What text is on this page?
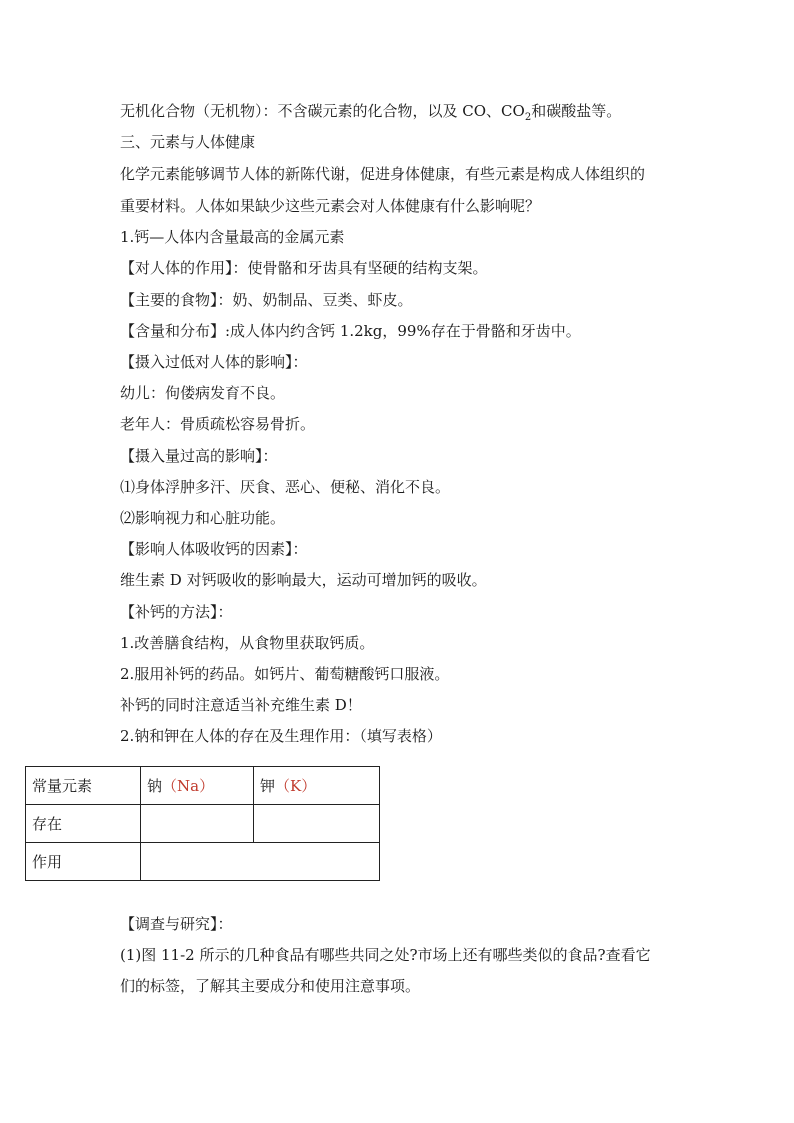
无机化合物（无机物）：不含碳元素的化合物，以及 CO、$CO_2$和碳酸盐等。
三、元素与人体健康
化学元素能够调节人体的新陈代谢，促进身体健康，有些元素是构成人体组织的
重要材料。人体如果缺少这些元素会对人体健康有什么影响呢？
1.钙—人体内含量最高的金属元素
【对人体的作用】：使骨骼和牙齿具有坚硬的结构支架。
【主要的食物】：奶、奶制品、豆类、虾皮。
【含量和分布】:成人体内约含钙 1.2kg，99%存在于骨骼和牙齿中。
【摄入过低对人体的影响】：
幼儿：佝偻病发育不良。
老年人：骨质疏松容易骨折。
【摄入量过高的影响】：
⑴身体浮肿多汗、厌食、恶心、便秘、消化不良。
⑵影响视力和心脏功能。
【影响人体吸收钙的因素】：
维生素 D 对钙吸收的影响最大，运动可增加钙的吸收。
【补钙的方法】：
1.改善膳食结构，从食物里获取钙质。
2.服用补钙的药品。如钙片、葡萄糖酸钙口服液。
补钙的同时注意适当补充维生素 D！
2.钠和钾在人体的存在及生理作用：（填写表格）
常量元素	钠（Na）	钾（K）
存在		
作用		
【调查与研究】：
(1)图 11-2 所示的几种食品有哪些共同之处?市场上还有哪些类似的食品?查看它
们的标签，了解其主要成分和使用注意事项。
